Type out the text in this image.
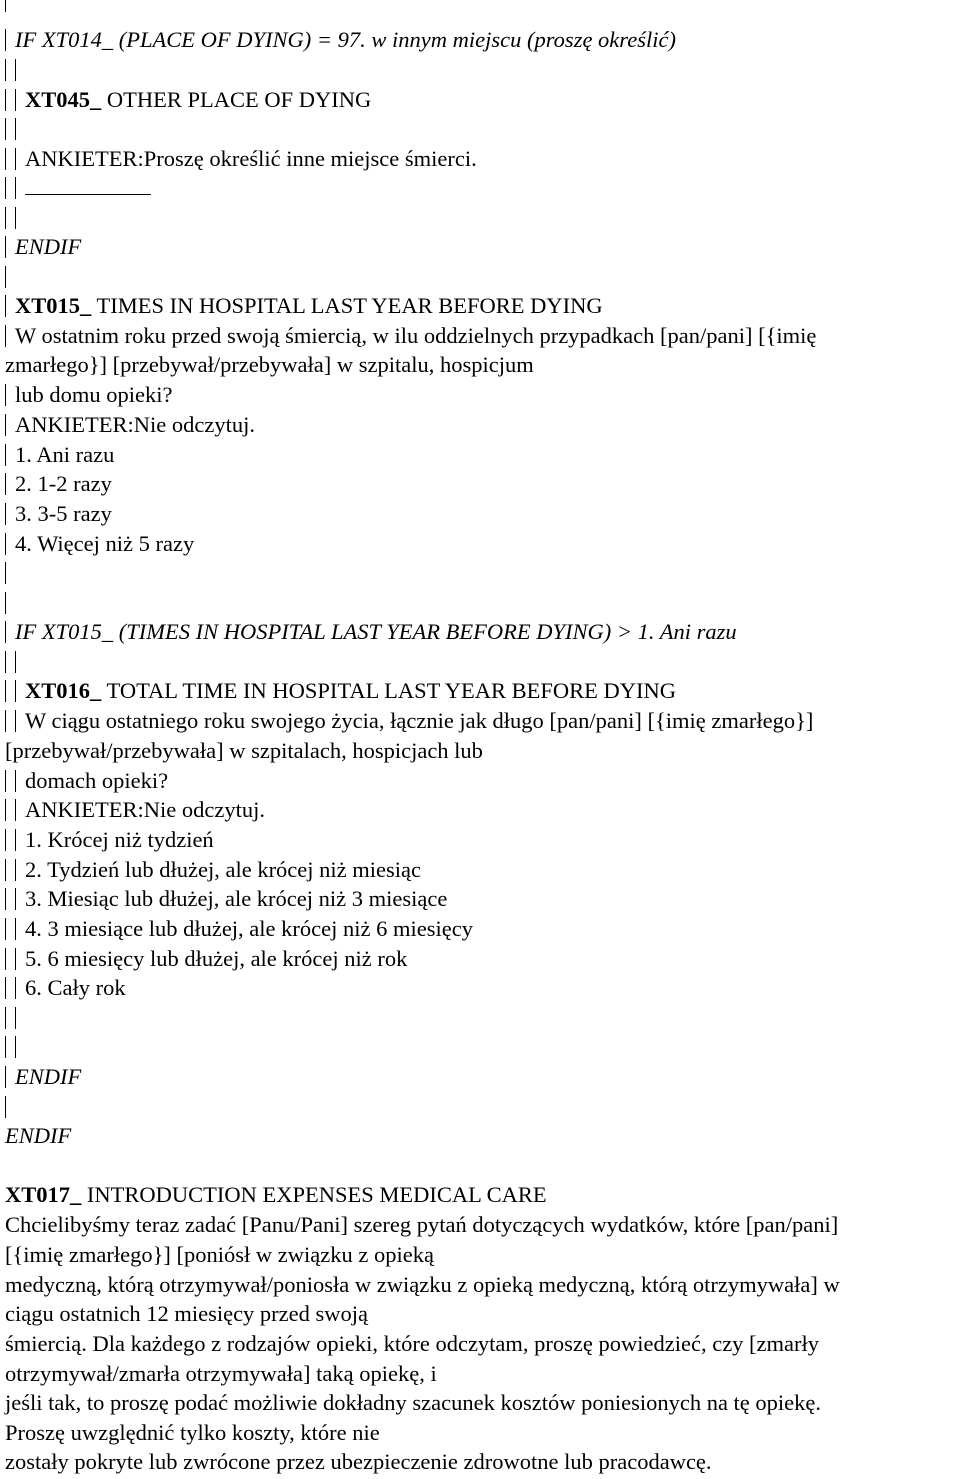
IF XT014_ (PLACE OF DYING) = 97. w innym miejscu (proszę określić)
XT045_ OTHER PLACE OF DYING
ANKIETER:Proszę określić inne miejsce śmierci.
ENDIF
XT015_ TIMES IN HOSPITAL LAST YEAR BEFORE DYING
W ostatnim roku przed swoją śmiercią, w ilu oddzielnych przypadkach [pan/pani] [{imię
zmarłego}] [przebywał/przebywała] w szpitalu, hospicjum
lub domu opieki?
ANKIETER:Nie odczytuj.
1. Ani razu
2. 1-2 razy
3. 3-5 razy
4. Więcej niż 5 razy
IF XT015_ (TIMES IN HOSPITAL LAST YEAR BEFORE DYING) > 1. Ani razu
XT016_ TOTAL TIME IN HOSPITAL LAST YEAR BEFORE DYING
W ciągu ostatniego roku swojego życia, łącznie jak długo [pan/pani] [{imię zmarłego}]
[przebywał/przebywała] w szpitalach, hospicjach lub
domach opieki?
ANKIETER:Nie odczytuj.
1. Krócej niż tydzień
2. Tydzień lub dłużej, ale krócej niż miesiąc
3. Miesiąc lub dłużej, ale krócej niż 3 miesiące
4. 3 miesiące lub dłużej, ale krócej niż 6 miesięcy
5. 6 miesięcy lub dłużej, ale krócej niż rok
6. Cały rok
ENDIF
ENDIF
XT017_ INTRODUCTION EXPENSES MEDICAL CARE
Chcielibyśmy teraz zadać [Panu/Pani] szereg pytań dotyczących wydatków, które [pan/pani]
[{imię zmarłego}] [poniósł w związku z opieką
medyczną, którą otrzymywał/poniosła w związku z opieką medyczną, którą otrzymywała] w
ciągu ostatnich 12 miesięcy przed swoją
śmiercią. Dla każdego z rodzajów opieki, które odczytam, proszę powiedzieć, czy [zmarły
otrzymywał/zmarła otrzymywała] taką opiekę, i
jeśli tak, to proszę podać możliwie dokładny szacunek kosztów poniesionych na tę opiekę.
Proszę uwzględnić tylko koszty, które nie
zostały pokryte lub zwrócone przez ubezpieczenie zdrowotne lub pracodawcę.
